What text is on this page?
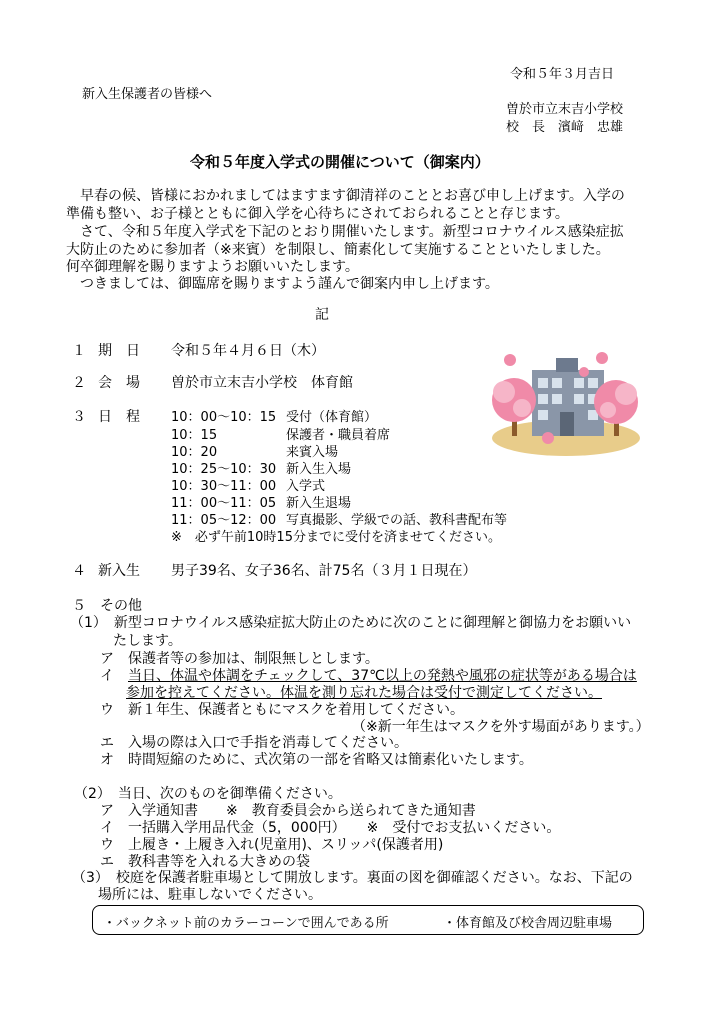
令和５年３月吉日
新入生保護者の皆様へ
曽於市立末吉小学校
校　長　濱﨑　忠雄
令和５年度入学式の開催について（御案内）
　早春の候、皆様におかれましてはますます御清祥のこととお喜び申し上げます。入学の
準備も整い、お子様とともに御入学を心待ちにされておられることと存じます。
　さて、令和５年度入学式を下記のとおり開催いたします。新型コロナウイルス感染症拡
大防止のために参加者（※来賓）を制限し、簡素化して実施することといたしました。
何卒御理解を賜りますようお願いいたします。
　つきましては、御臨席を賜りますよう謹んで御案内申し上げます。
記
１ 期　日 令和５年４月６日（木）
２ 会　場 曽於市立末吉小学校　体育館
３ 日　程 10：00〜10：15 受付（体育館）
10：15	保護者・職員着席
10：20	来賓入場
10：25〜10：30 新入生入場
10：30〜11：00 入学式
11：00〜11：05 新入生退場
11：05〜12：00 写真撮影、学級での話、教科書配布等
※　必ず午前10時15分までに受付を済ませてください。
４ 新入生 男子39名、女子36名、計75名（３月１日現在）
５　その他
（1）　新型コロナウイルス感染症拡大防止のために次のことに御理解と御協力をお願いい
たします。
ア　保護者等の参加は、制限無しとします。
イ　当日、体温や体調をチェックして、37℃以上の発熱や風邪の症状等がある場合は
参加を控えてください。体温を測り忘れた場合は受付で測定してください。
ウ　新１年生、保護者ともにマスクを着用してください。
（※新一年生はマスクを外す場面があります。）
エ　入場の際は入口で手指を消毒してください。
オ　時間短縮のために、式次第の一部を省略又は簡素化いたします。
（2）　当日、次のものを御準備ください。
ア　入学通知書　　※　教育委員会から送られてきた通知書
イ　一括購入学用品代金（5，000円）　　※　受付でお支払いください。
ウ　上履き・上履き入れ(児童用)、スリッパ(保護者用)
エ　教科書等を入れる大きめの袋
（3）　校庭を保護者駐車場として開放します。裏面の図を御確認ください。なお、下記の
場所には、駐車しないでください。
・バックネット前のカラーコーンで囲んである所	・体育館及び校舎周辺駐車場
